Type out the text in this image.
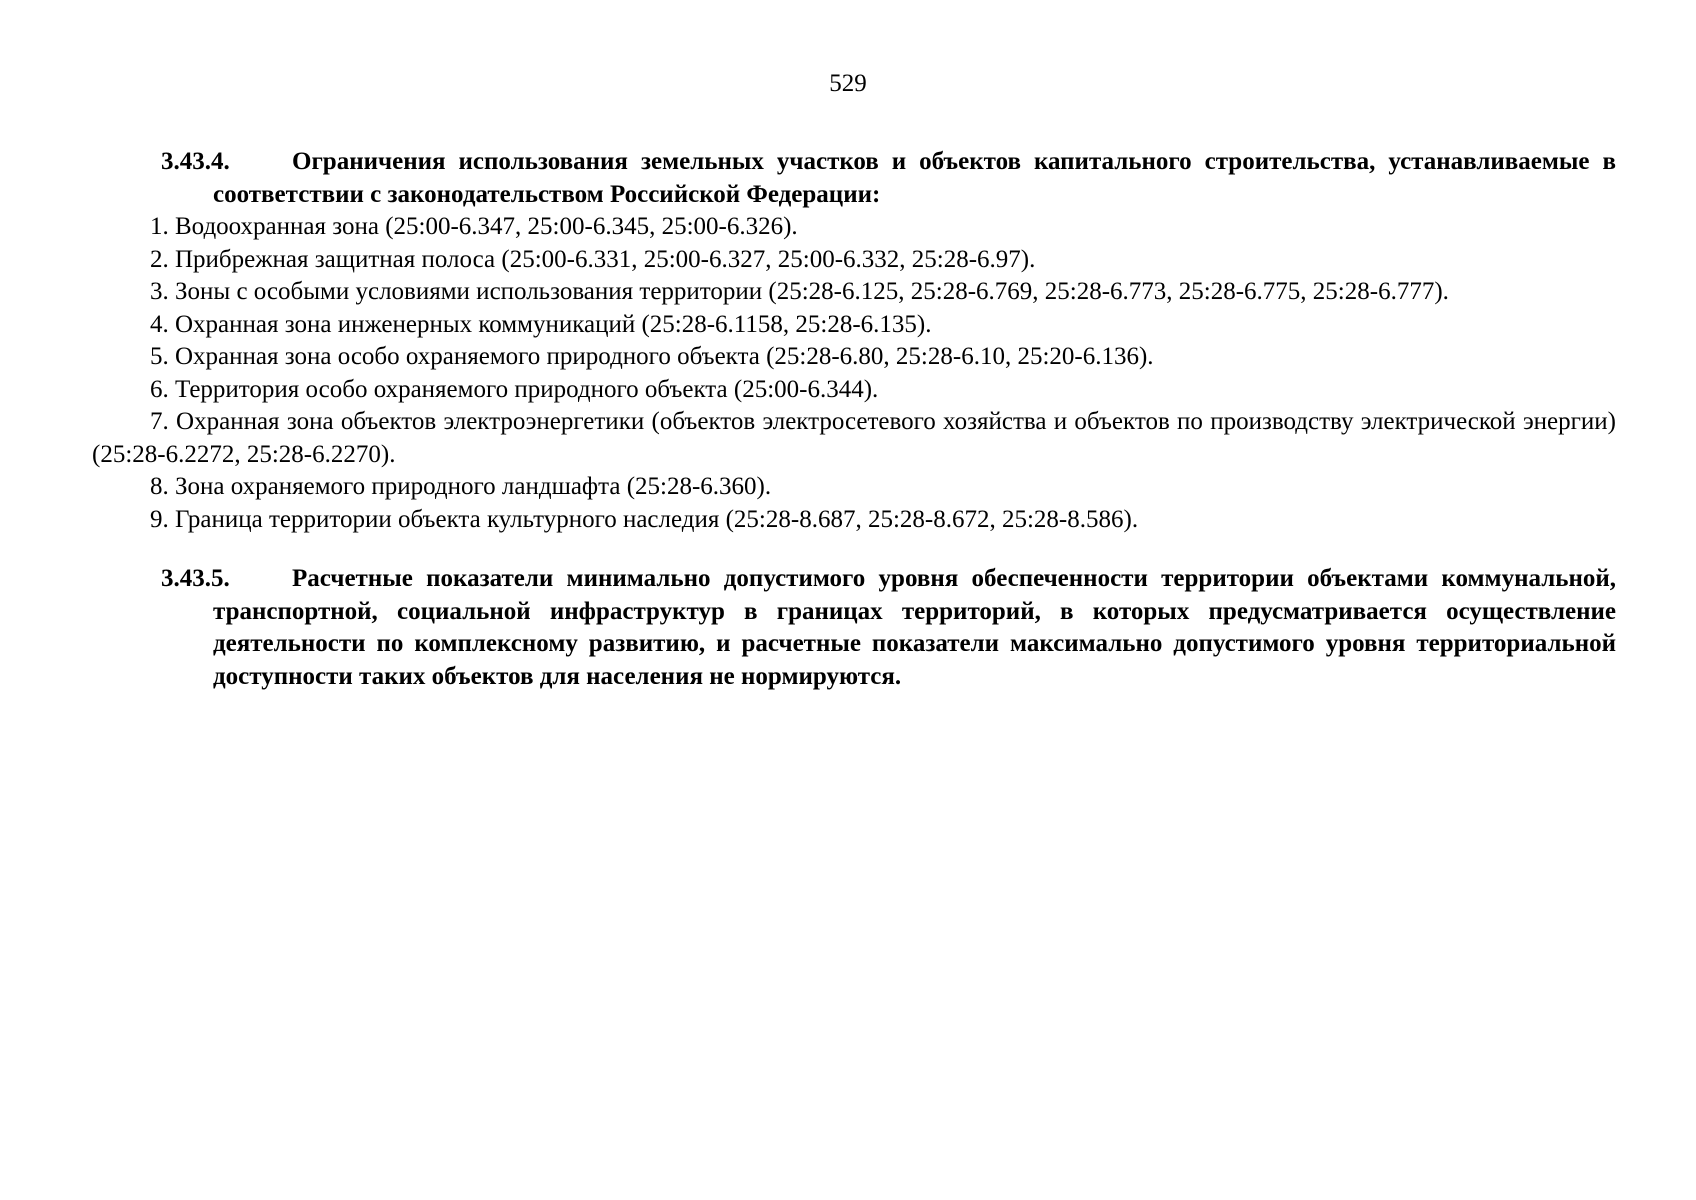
529
3.43.4. Ограничения использования земельных участков и объектов капитального строительства, устанавливаемые в соответствии с законодательством Российской Федерации:
1. Водоохранная зона (25:00-6.347, 25:00-6.345, 25:00-6.326).
2. Прибрежная защитная полоса (25:00-6.331, 25:00-6.327, 25:00-6.332, 25:28-6.97).
3. Зоны с особыми условиями использования территории (25:28-6.125, 25:28-6.769, 25:28-6.773, 25:28-6.775, 25:28-6.777).
4. Охранная зона инженерных коммуникаций (25:28-6.1158, 25:28-6.135).
5. Охранная зона особо охраняемого природного объекта (25:28-6.80, 25:28-6.10, 25:20-6.136).
6. Территория особо охраняемого природного объекта (25:00-6.344).
7. Охранная зона объектов электроэнергетики (объектов электросетевого хозяйства и объектов по производству электрической энергии) (25:28-6.2272, 25:28-6.2270).
8. Зона охраняемого природного ландшафта (25:28-6.360).
9. Граница территории объекта культурного наследия (25:28-8.687, 25:28-8.672, 25:28-8.586).
3.43.5. Расчетные показатели минимально допустимого уровня обеспеченности территории объектами коммунальной, транспортной, социальной инфраструктур в границах территорий, в которых предусматривается осуществление деятельности по комплексному развитию, и расчетные показатели максимально допустимого уровня территориальной доступности таких объектов для населения не нормируются.
